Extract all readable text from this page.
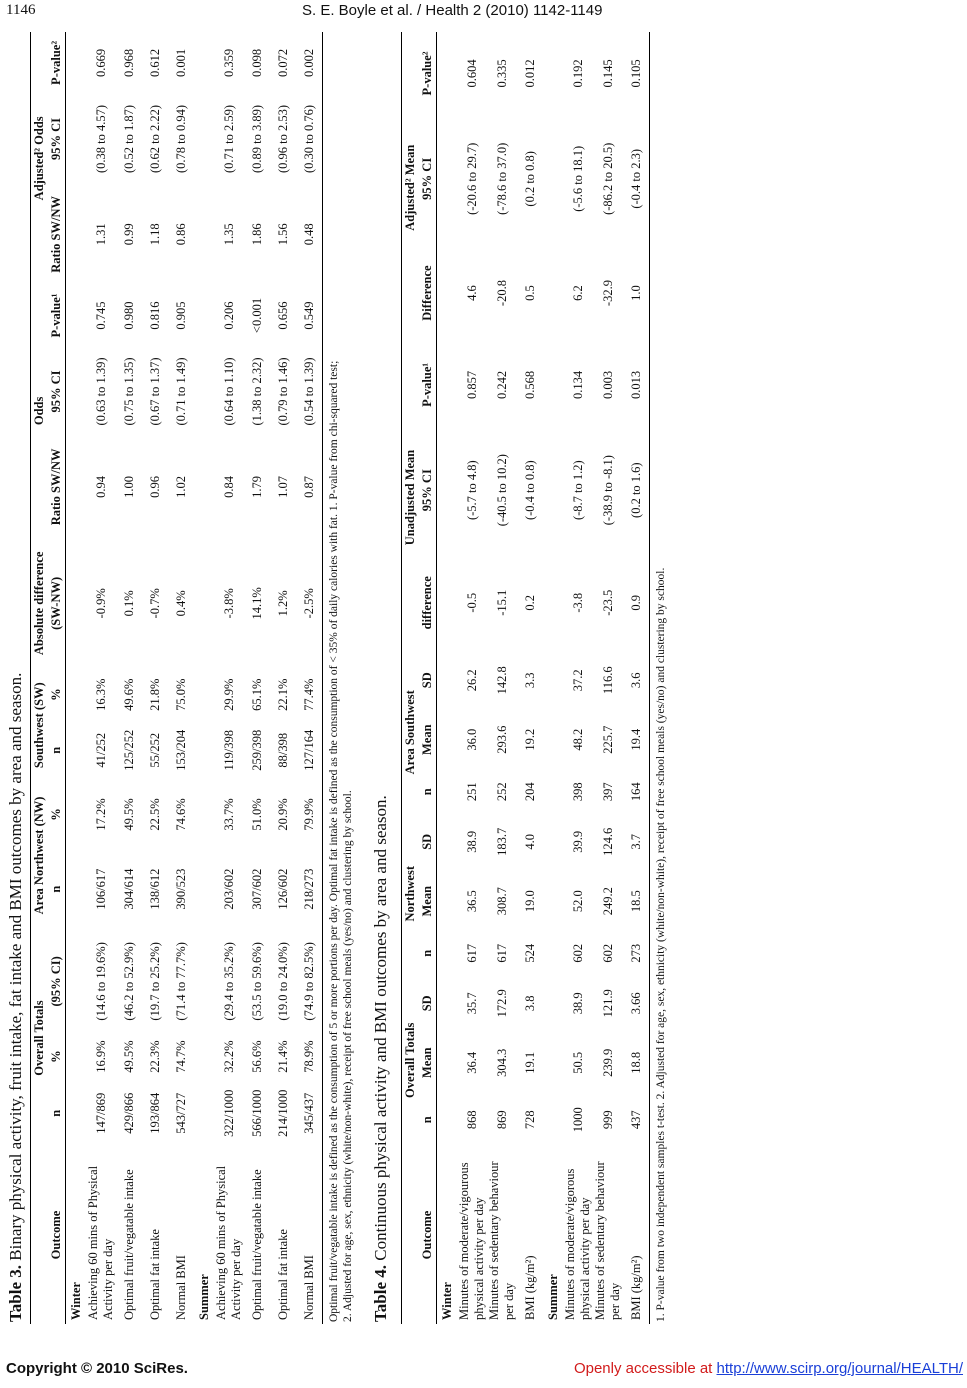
1146	S. E. Boyle et al. / Health 2 (2010) 1142-1149
Table 3. Binary physical activity, fruit intake, fat intake and BMI outcomes by area and season.
	Overall Totals			Area Northwest (NW)		Southwest (SW)		Absolute difference	Odds			Adjusted² Odds		
Outcome	n	%	(95% CI)	n	%	n	%	(SW-NW)	Ratio SW/NW	95% CI	P-value¹	Ratio SW/NW	95% CI	P-value²
Winter														
Achieving 60 mins of Physical Activity per day	147/869	16.9%	(14.6 to 19.6%)	106/617	17.2%	41/252	16.3%	-0.9%	0.94	(0.63 to 1.39)	0.745	1.31	(0.38 to 4.57)	0.669
Optimal fruit/vegatable intake	429/866	49.5%	(46.2 to 52.9%)	304/614	49.5%	125/252	49.6%	0.1%	1.00	(0.75 to 1.35)	0.980	0.99	(0.52 to 1.87)	0.968
Optimal fat intake	193/864	22.3%	(19.7 to 25.2%)	138/612	22.5%	55/252	21.8%	-0.7%	0.96	(0.67 to 1.37)	0.816	1.18	(0.62 to 2.22)	0.612
Normal BMI	543/727	74.7%	(71.4 to 77.7%)	390/523	74.6%	153/204	75.0%	0.4%	1.02	(0.71 to 1.49)	0.905	0.86	(0.78 to 0.94)	0.001
Summer														
Achieving 60 mins of Physical Activity per day	322/1000	32.2%	(29.4 to 35.2%)	203/602	33.7%	119/398	29.9%	-3.8%	0.84	(0.64 to 1.10)	0.206	1.35	(0.71 to 2.59)	0.359
Optimal fruit/vegatable intake	566/1000	56.6%	(53.5 to 59.6%)	307/602	51.0%	259/398	65.1%	14.1%	1.79	(1.38 to 2.32)	<0.001	1.86	(0.89 to 3.89)	0.098
Optimal fat intake	214/1000	21.4%	(19.0 to 24.0%)	126/602	20.9%	88/398	22.1%	1.2%	1.07	(0.79 to 1.46)	0.656	1.56	(0.96 to 2.53)	0.072
Normal BMI	345/437	78.9%	(74.9 to 82.5%)	218/273	79.9%	127/164	77.4%	-2.5%	0.87	(0.54 to 1.39)	0.549	0.48	(0.30 to 0.76)	0.002
Optimal fruit/vegatable intake is defined as the consumption of 5 or more portions per day. Optimal fat intake is defined as the consumption of < 35% of daily calories with fat. 1. P-value from chi-squared test; 2. Adjusted for age, sex, ethnicity (white/non-white), receipt of free school meals (yes/no) and clustering by school. Table 4. Continuous physical activity and BMI outcomes by area and season.
		Overall Totals			Northwest			Area Southwest			Unadjusted Mean			Adjusted² Mean		
Outcome	n	Mean	SD	n	Mean	SD	n	Mean	SD	difference	95% CI	P-value¹	Difference	95% CI	P-value²
Winter															
Minutes of moderate/vigourous physical activity per day	868	36.4	35.7	617	36.5	38.9	251	36.0	26.2	-0.5	(-5.7 to 4.8)	0.857	4.6	(-20.6 to 29.7)	0.604
Minutes of sedentary behaviour per day	869	304.3	172.9	617	308.7	183.7	252	293.6	142.8	-15.1	(-40.5 to 10.2)	0.242	-20.8	(-78.6 to 37.0)	0.335
BMI (kg/m²)	728	19.1	3.8	524	19.0	4.0	204	19.2	3.3	0.2	(-0.4 to 0.8)	0.568	0.5	(0.2 to 0.8)	0.012
Summer															
Minutes of moderate/vigorous physical activity per day	1000	50.5	38.9	602	52.0	39.9	398	48.2	37.2	-3.8	(-8.7 to 1.2)	0.134	6.2	(-5.6 to 18.1)	0.192
Minutes of sedentary behaviour per day	999	239.9	121.9	602	249.2	124.6	397	225.7	116.6	-23.5	(-38.9 to -8.1)	0.003	-32.9	(-86.2 to 20.5)	0.145
BMI (kg/m²)	437	18.8	3.66	273	18.5	3.7	164	19.4	3.6	0.9	(0.2 to 1.6)	0.013	1.0	(-0.4 to 2.3)	0.105
1. P-value from two independent samples t-test. 2. Adjusted for age, sex, ethnicity (white/non-white), receipt of free school meals (yes/no) and clustering by school.
Copyright © 2010 SciRes.	Openly accessible at http://www.scirp.org/journal/HEALTH/
